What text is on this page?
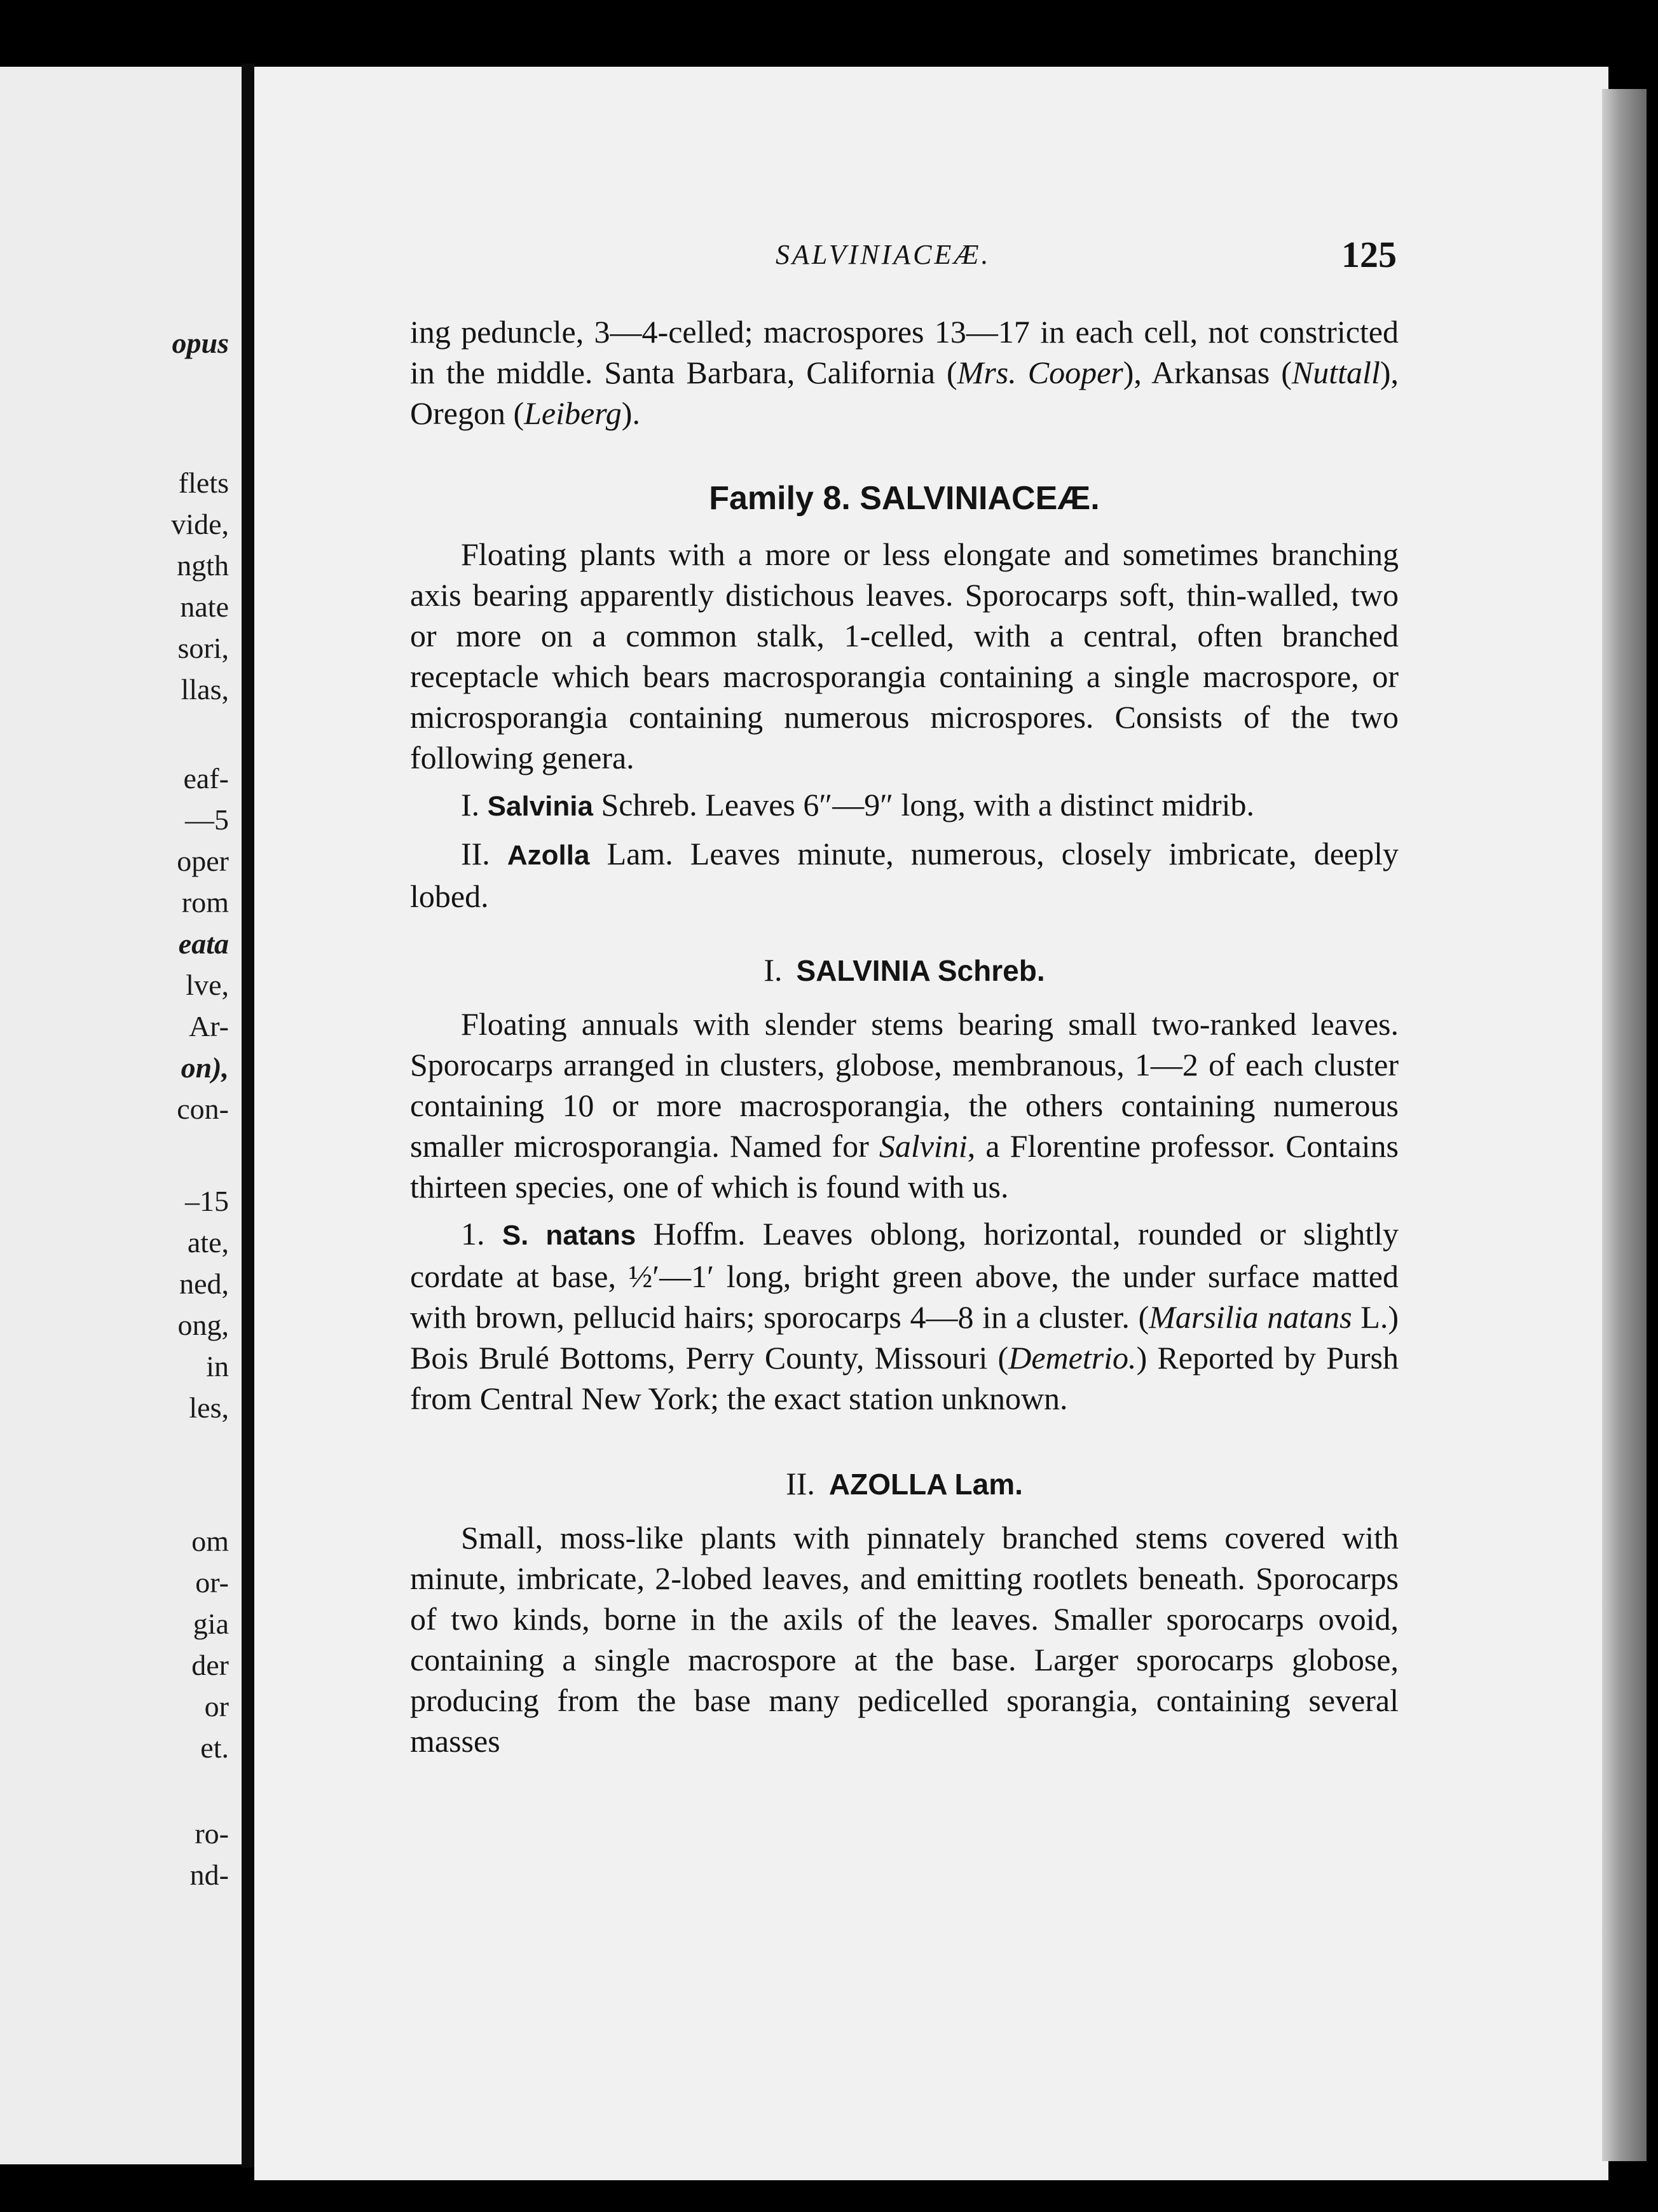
opus
flets
vide,
ngth
nate
sori,
llas,
eaf-
—5
oper
rom
eata
lve,
Ar-
on),
con-
–15
ate,
ned,
ong,
in
les,
om
or-
gia
der
or
et.
ro-
nd-
SALVINIACEÆ.	125

ing peduncle, 3—4-celled; macrospores 13—17 in each cell, not constricted in the middle. Santa Barbara, California (Mrs. Cooper), Arkansas (Nuttall), Oregon (Leiberg).

Family 8. SALVINIACEÆ.

Floating plants with a more or less elongate and sometimes branching axis bearing apparently distichous leaves. Sporocarps soft, thin-walled, two or more on a common stalk, 1-celled, with a central, often branched receptacle which bears macrosporangia containing a single macrospore, or microsporangia containing numerous microspores. Consists of the two following genera.

I. Salvinia Schreb. Leaves 6″—9″ long, with a distinct midrib.

II. Azolla Lam. Leaves minute, numerous, closely imbricate, deeply lobed.

I. SALVINIA Schreb.

Floating annuals with slender stems bearing small two-ranked leaves. Sporocarps arranged in clusters, globose, membranous, 1—2 of each cluster containing 10 or more macrosporangia, the others containing numerous smaller microsporangia. Named for Salvini, a Florentine professor. Contains thirteen species, one of which is found with us.

1. S. natans Hoffm. Leaves oblong, horizontal, rounded or slightly cordate at base, ½′—1′ long, bright green above, the under surface matted with brown, pellucid hairs; sporocarps 4—8 in a cluster. (Marsilia natans L.) Bois Brulé Bottoms, Perry County, Missouri (Demetrio.) Reported by Pursh from Central New York; the exact station unknown.

II. AZOLLA Lam.

Small, moss-like plants with pinnately branched stems covered with minute, imbricate, 2-lobed leaves, and emitting rootlets beneath. Sporocarps of two kinds, borne in the axils of the leaves. Smaller sporocarps ovoid, containing a single macrospore at the base. Larger sporocarps globose, producing from the base many pedicelled sporangia, containing several masses
